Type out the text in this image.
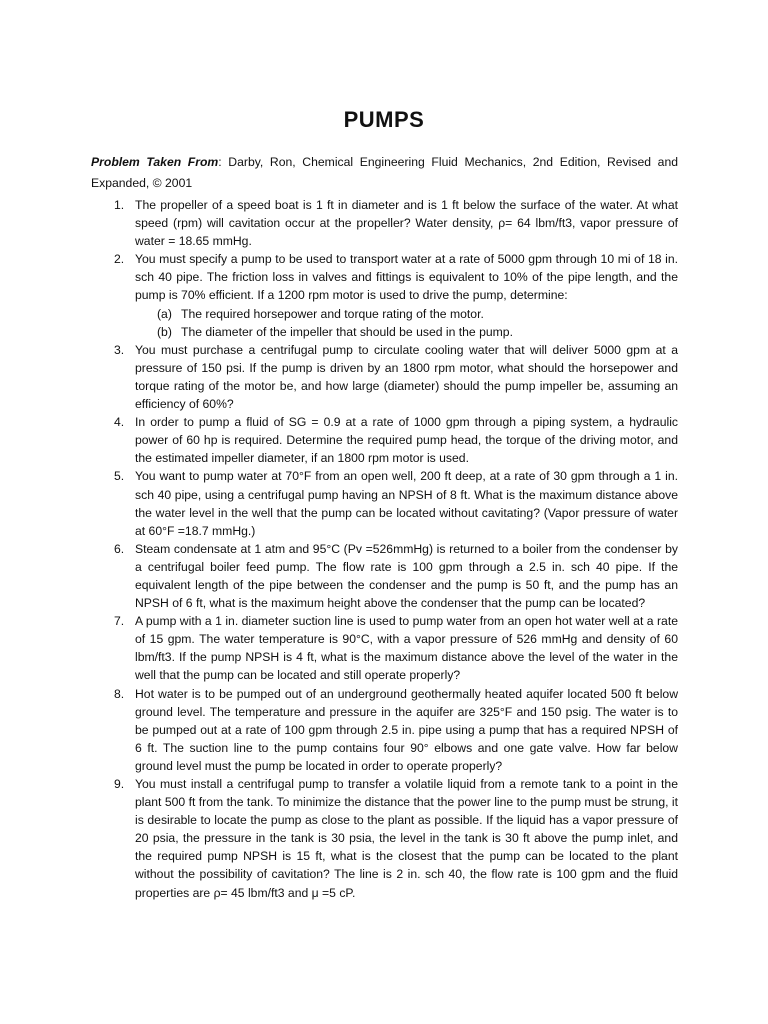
PUMPS

Problem Taken From: Darby, Ron, Chemical Engineering Fluid Mechanics, 2nd Edition, Revised and Expanded, © 2001

1. The propeller of a speed boat is 1 ft in diameter and is 1 ft below the surface of the water. At what speed (rpm) will cavitation occur at the propeller? Water density, ρ= 64 lbm/ft3, vapor pressure of water = 18.65 mmHg.
2. You must specify a pump to be used to transport water at a rate of 5000 gpm through 10 mi of 18 in. sch 40 pipe. The friction loss in valves and fittings is equivalent to 10% of the pipe length, and the pump is 70% efficient. If a 1200 rpm motor is used to drive the pump, determine:
(a) The required horsepower and torque rating of the motor.
(b) The diameter of the impeller that should be used in the pump.
3. You must purchase a centrifugal pump to circulate cooling water that will deliver 5000 gpm at a pressure of 150 psi. If the pump is driven by an 1800 rpm motor, what should the horsepower and torque rating of the motor be, and how large (diameter) should the pump impeller be, assuming an efficiency of 60%?
4. In order to pump a fluid of SG = 0.9 at a rate of 1000 gpm through a piping system, a hydraulic power of 60 hp is required. Determine the required pump head, the torque of the driving motor, and the estimated impeller diameter, if an 1800 rpm motor is used.
5. You want to pump water at 70°F from an open well, 200 ft deep, at a rate of 30 gpm through a 1 in. sch 40 pipe, using a centrifugal pump having an NPSH of 8 ft. What is the maximum distance above the water level in the well that the pump can be located without cavitating? (Vapor pressure of water at 60°F =18.7 mmHg.)
6. Steam condensate at 1 atm and 95°C (Pv =526mmHg) is returned to a boiler from the condenser by a centrifugal boiler feed pump. The flow rate is 100 gpm through a 2.5 in. sch 40 pipe. If the equivalent length of the pipe between the condenser and the pump is 50 ft, and the pump has an NPSH of 6 ft, what is the maximum height above the condenser that the pump can be located?
7. A pump with a 1 in. diameter suction line is used to pump water from an open hot water well at a rate of 15 gpm. The water temperature is 90°C, with a vapor pressure of 526 mmHg and density of 60 lbm/ft3. If the pump NPSH is 4 ft, what is the maximum distance above the level of the water in the well that the pump can be located and still operate properly?
8. Hot water is to be pumped out of an underground geothermally heated aquifer located 500 ft below ground level. The temperature and pressure in the aquifer are 325°F and 150 psig. The water is to be pumped out at a rate of 100 gpm through 2.5 in. pipe using a pump that has a required NPSH of 6 ft. The suction line to the pump contains four 90° elbows and one gate valve. How far below ground level must the pump be located in order to operate properly?
9. You must install a centrifugal pump to transfer a volatile liquid from a remote tank to a point in the plant 500 ft from the tank. To minimize the distance that the power line to the pump must be strung, it is desirable to locate the pump as close to the plant as possible. If the liquid has a vapor pressure of 20 psia, the pressure in the tank is 30 psia, the level in the tank is 30 ft above the pump inlet, and the required pump NPSH is 15 ft, what is the closest that the pump can be located to the plant without the possibility of cavitation? The line is 2 in. sch 40, the flow rate is 100 gpm and the fluid properties are ρ= 45 lbm/ft3 and μ =5 cP.
